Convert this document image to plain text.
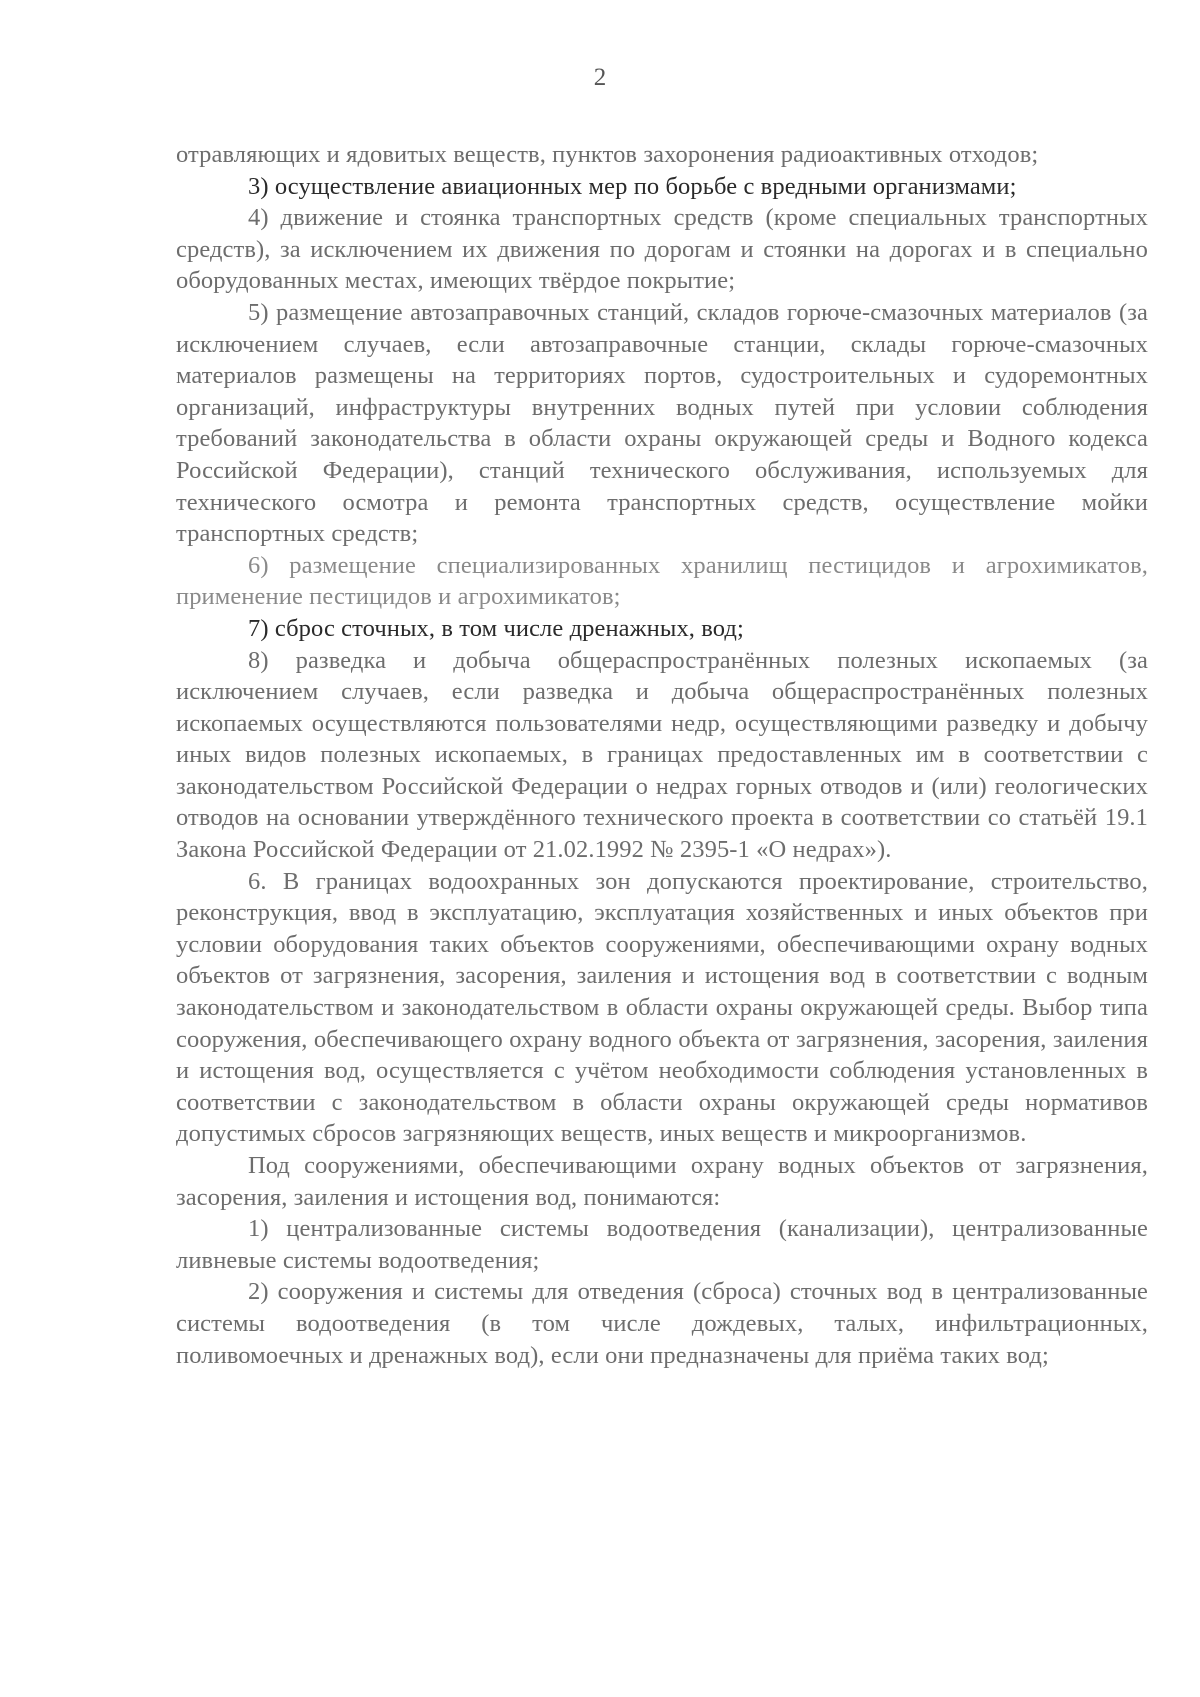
2

отравляющих и ядовитых веществ, пунктов захоронения радиоактивных отходов;

3) осуществление авиационных мер по борьбе с вредными организмами;

4) движение и стоянка транспортных средств (кроме специальных транспортных средств), за исключением их движения по дорогам и стоянки на дорогах и в специально оборудованных местах, имеющих твёрдое покрытие;

5) размещение автозаправочных станций, складов горюче-смазочных материалов (за исключением случаев, если автозаправочные станции, склады горюче-смазочных материалов размещены на территориях портов, судостроительных и судоремонтных организаций, инфраструктуры внутренних водных путей при условии соблюдения требований законодательства в области охраны окружающей среды и Водного кодекса Российской Федерации), станций технического обслуживания, используемых для технического осмотра и ремонта транспортных средств, осуществление мойки транспортных средств;

6) размещение специализированных хранилищ пестицидов и агрохимикатов, применение пестицидов и агрохимикатов;

7) сброс сточных, в том числе дренажных, вод;

8) разведка и добыча общераспространённых полезных ископаемых (за исключением случаев, если разведка и добыча общераспространённых полезных ископаемых осуществляются пользователями недр, осуществляющими разведку и добычу иных видов полезных ископаемых, в границах предоставленных им в соответствии с законодательством Российской Федерации о недрах горных отводов и (или) геологических отводов на основании утверждённого технического проекта в соответствии со статьёй 19.1 Закона Российской Федерации от 21.02.1992 № 2395-1 «О недрах»).

6. В границах водоохранных зон допускаются проектирование, строительство, реконструкция, ввод в эксплуатацию, эксплуатация хозяйственных и иных объектов при условии оборудования таких объектов сооружениями, обеспечивающими охрану водных объектов от загрязнения, засорения, заиления и истощения вод в соответствии с водным законодательством и законодательством в области охраны окружающей среды. Выбор типа сооружения, обеспечивающего охрану водного объекта от загрязнения, засорения, заиления и истощения вод, осуществляется с учётом необходимости соблюдения установленных в соответствии с законодательством в области охраны окружающей среды нормативов допустимых сбросов загрязняющих веществ, иных веществ и микроорганизмов.

Под сооружениями, обеспечивающими охрану водных объектов от загрязнения, засорения, заиления и истощения вод, понимаются:

1) централизованные системы водоотведения (канализации), централизованные ливневые системы водоотведения;

2) сооружения и системы для отведения (сброса) сточных вод в централизованные системы водоотведения (в том числе дождевых, талых, инфильтрационных, поливомоечных и дренажных вод), если они предназначены для приёма таких вод;
